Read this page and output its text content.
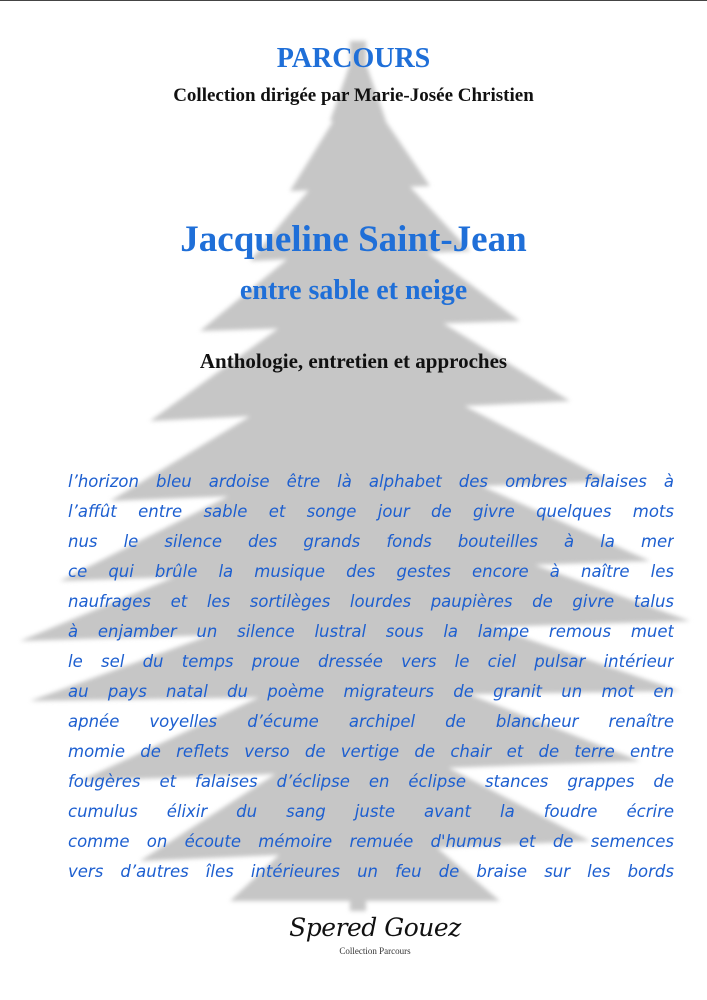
PARCOURS
Collection dirigée par Marie-Josée Christien
Jacqueline Saint-Jean
entre sable et neige
Anthologie, entretien et approches
l’horizon bleu ardoise être là alphabet des ombres falaises à
l’affût entre sable et songe jour de givre quelques mots
nus le silence des grands fonds bouteilles à la mer
ce qui brûle la musique des gestes encore à naître les
naufrages et les sortilèges lourdes paupières de givre talus
à enjamber un silence lustral sous la lampe remous muet
le sel du temps proue dressée vers le ciel pulsar intérieur
au pays natal du poème migrateurs de granit un mot en
apnée voyelles d’écume archipel de blancheur renaître
momie de reflets verso de vertige de chair et de terre entre
fougères et falaises d’éclipse en éclipse stances grappes de
cumulus élixir du sang juste avant la foudre écrire
comme on écoute mémoire remuée d'humus et de semences
vers d’autres îles intérieures un feu de braise sur les bords
Spered Gouez
Collection Parcours
